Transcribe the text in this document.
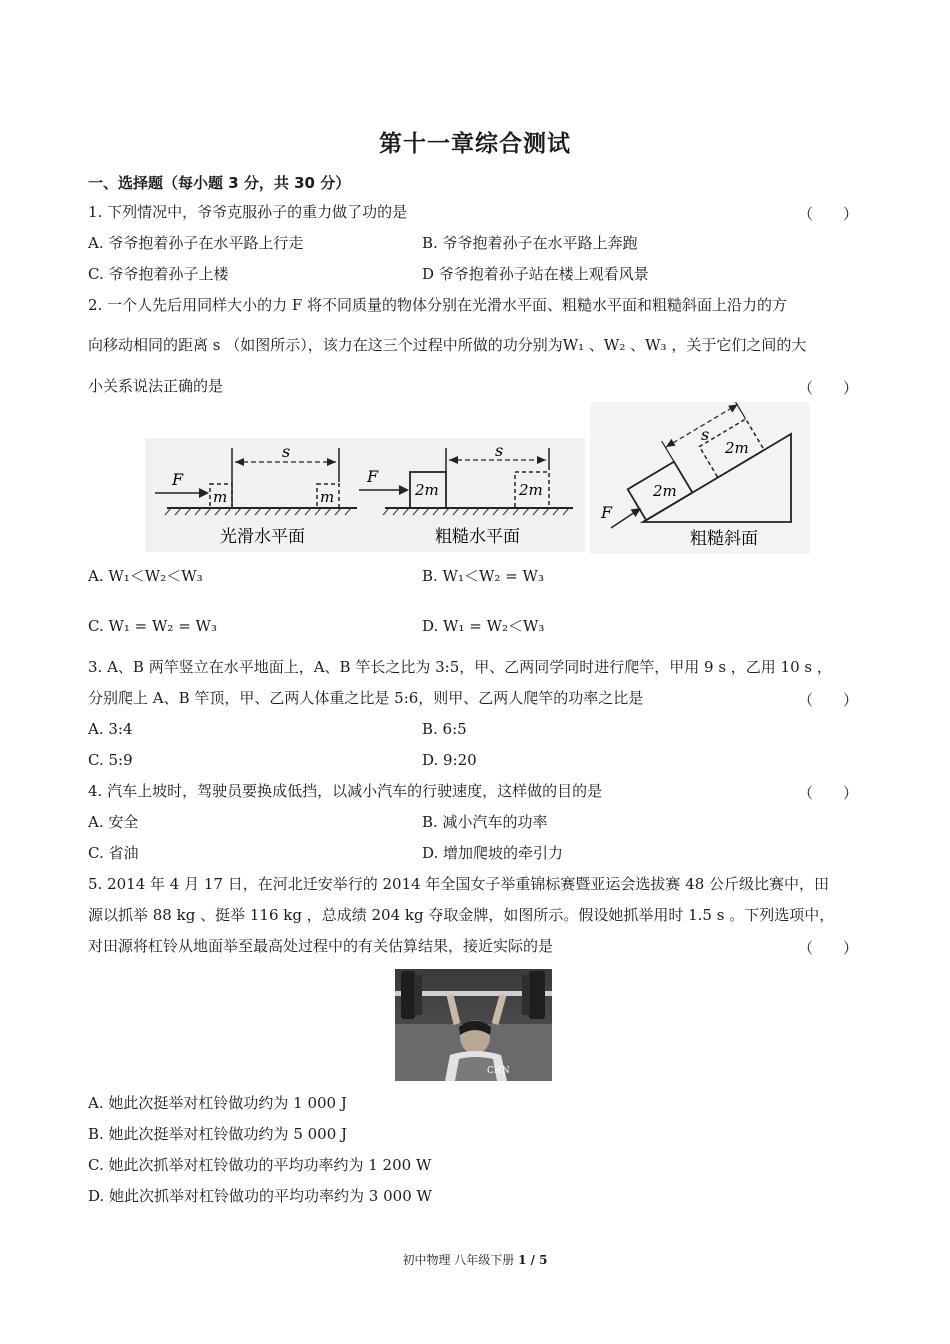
第十一章综合测试
一、选择题（每小题 3 分，共 30 分）
1. 下列情况中，爷爷克服孙子的重力做了功的是	（　　）
A. 爷爷抱着孙子在水平路上行走	B. 爷爷抱着孙子在水平路上奔跑
C. 爷爷抱着孙子上楼	D 爷爷抱着孙子站在楼上观看风景
2. 一个人先后用同样大小的力 F 将不同质量的物体分别在光滑水平面、粗糙水平面和粗糙斜面上沿力的方
向移动相同的距离 s （如图所示），该力在这三个过程中所做的功分别为W₁ 、W₂ 、W₃ ，关于它们之间的大
小关系说法正确的是	（　　）
F
s
m	m
光滑水平面
F
s
2m	2m
粗糙水平面
F
s
2m
2m
粗糙斜面
A. W₁＜W₂＜W₃	B. W₁＜W₂ = W₃
C. W₁ = W₂ = W₃	D. W₁ = W₂＜W₃
3. A、B 两竿竖立在水平地面上，A、B 竿长之比为 3:5，甲、乙两同学同时进行爬竿，甲用 9 s ，乙用 10 s ，
分别爬上 A、B 竿顶，甲、乙两人体重之比是 5:6，则甲、乙两人爬竿的功率之比是	（　　）
A. 3:4	B. 6:5
C. 5:9	D. 9:20
4. 汽车上坡时，驾驶员要换成低挡，以减小汽车的行驶速度，这样做的目的是	（　　）
A. 安全	B. 减小汽车的功率
C. 省油	D. 增加爬坡的牵引力
5. 2014 年 4 月 17 日，在河北迁安举行的 2014 年全国女子举重锦标赛暨亚运会选拔赛 48 公斤级比赛中，田
源以抓举 88 kg 、挺举 116 kg ，总成绩 204 kg 夺取金牌，如图所示。假设她抓举用时 1.5 s 。下列选项中，
对田源将杠铃从地面举至最高处过程中的有关估算结果，接近实际的是	（　　）
CHN
A. 她此次挺举对杠铃做功约为 1 000 J
B. 她此次挺举对杠铃做功约为 5 000 J
C. 她此次抓举对杠铃做功的平均功率约为 1 200 W
D. 她此次抓举对杠铃做功的平均功率约为 3 000 W
初中物理 八年级下册 1 / 5
